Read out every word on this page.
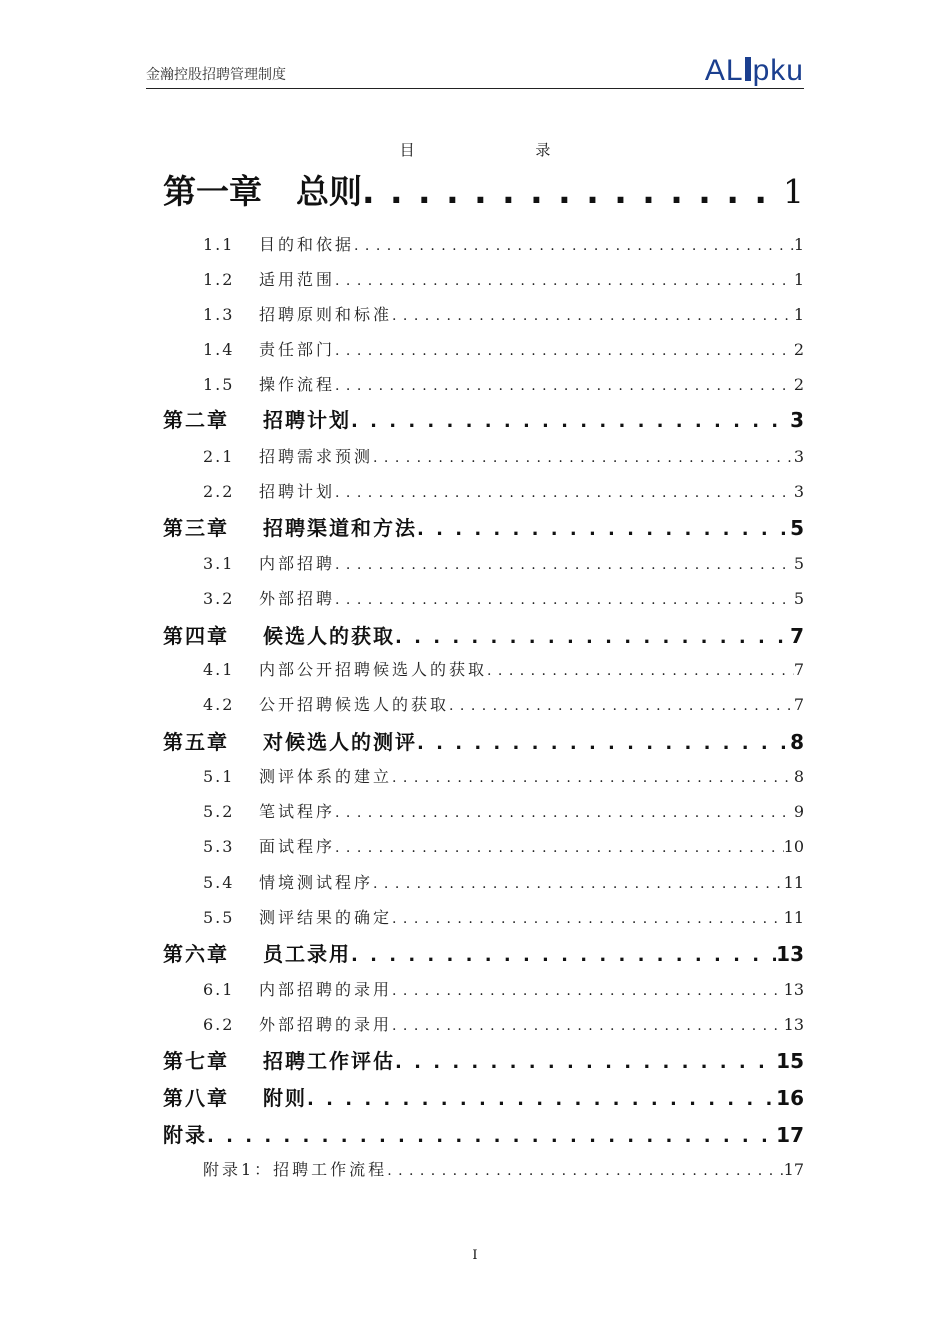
金瀚控股招聘管理制度	AL pku
目 录
第一章 总则 . . .	1
1.1 目的和依据 . . .	1
1.2 适用范围 . . .	1
1.3 招聘原则和标准 . . .	1
1.4 责任部门 . . .	2
1.5 操作流程 . . .	2
第二章 招聘计划 . . .	3
2.1 招聘需求预测 . . .	3
2.2 招聘计划 . . .	3
第三章 招聘渠道和方法 . . .	5
3.1 内部招聘 . . .	5
3.2 外部招聘 . . .	5
第四章 候选人的获取 . . .	7
4.1 内部公开招聘候选人的获取 . . .	7
4.2 公开招聘候选人的获取 . . .	7
第五章 对候选人的测评 . . .	8
5.1 测评体系的建立 . . .	8
5.2 笔试程序 . . .	9
5.3 面试程序 . . .	10
5.4 情境测试程序 . . .	11
5.5 测评结果的确定 . . .	11
第六章 员工录用 . . .	13
6.1 内部招聘的录用 . . .	13
6.2 外部招聘的录用 . . .	13
第七章 招聘工作评估 . . .	15
第八章 附则 . . .	16
附录 . . .	17
附录1：招聘工作流程 . . .	17
I
